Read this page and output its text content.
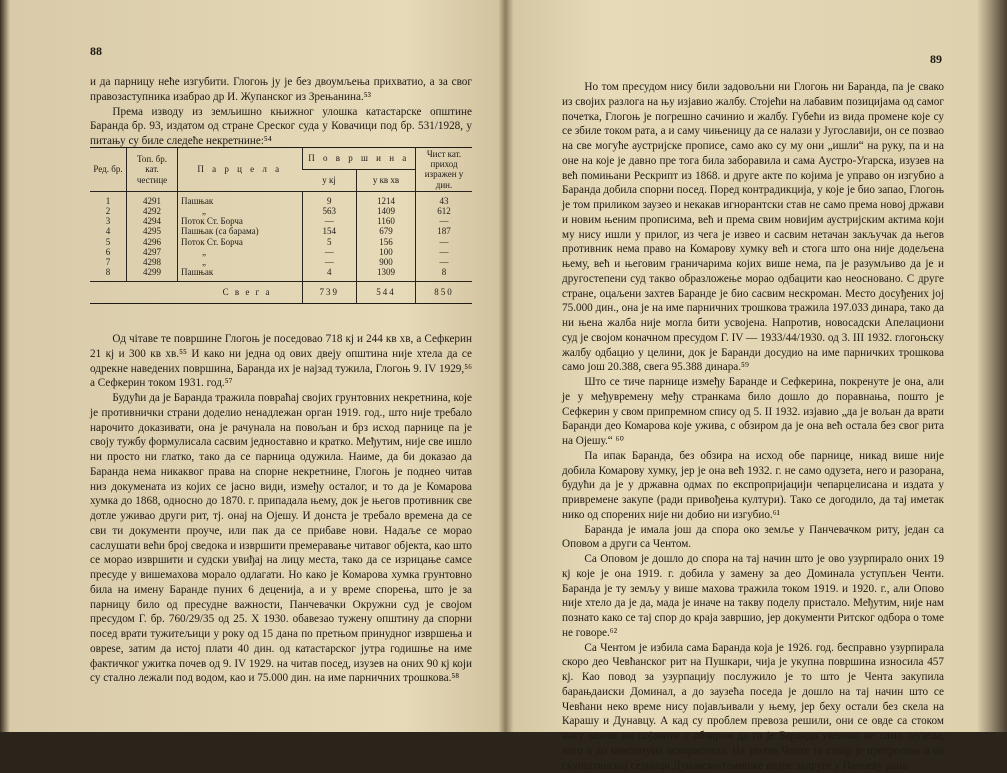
88

и да парницу неће изгубити. Глогоњ ју је без двоумљења прихватио, а за свог правозаступника изабрао др И. Жупанског из Зрењанина.⁵³

Према изводу из земљишно књижног улошка катастарске општине Баранда бр. 93, издатом од стране Среског суда у Ковачици под бр. 531/1928, у питању су биле следеће некретнине:⁵⁴

Ред. бр.	Топ. бр. кат. честице	П а р ц е л а	П о в р ш и н а		Чист кат. приход изражен у дин.
			у кј	у кв хв	
1	4291	Пашњак	9	1214	43
2	4292	„	563	1409	612
3	4294	Поток Ст. Борча	—	1160	—
4	4295	Пашњак (са барама)	154	679	187
5	4296	Поток Ст. Борча	5	156	—
6	4297	„	—	100	—
7	4298	„	—	900	—
8	4299	Пашњак	4	1309	8
С в е г а			739	544	850

Од чітаве те површине Глогоњ је поседовао 718 кј и 244 кв хв, а Сефкерин 21 кј и 300 кв хв.⁵⁵ И како ни једна од ових двеју општина није хтела да се одрекне наведених површина, Баранда их је најзад тужила, Глогоњ 9. IV 1929,⁵⁶ а Сефкерин током 1931. год.⁵⁷

Будући да је Баранда тражила повраћај својих грунтовних некретнина, које је противнички страни доделио ненадлежан орган 1919. год., што није требало нарочито доказивати, она је рачунала на повољан и брз исход парнице па је своју тужбу формулисала сасвим једноставно и кратко. Међутим, није све ишло ни просто ни глатко, тако да се парница одужила. Наиме, да би доказао да Баранда нема никаквог права на спорне некретнине, Глогоњ је поднео читав низ докумената из којих се јасно види, између осталог, и то да је Комарова хумка до 1868, односно до 1870. г. припадала њему, док је његов противник све дотле уживао други рит, тј. онај на Ојешу. И донста је требало времена да се сви ти документи проуче, или пак да се прибаве нови. Надаље се морао саслушати већи број сведока и извршити премеравање читавог објекта, као што се морао извршити и судски увиђај на лицу места, тако да се изрицање самсе пресуде у вишемахова морало одлагати. Но како је Комарова хумка грунтовно била на имену Баранде пуних 6 деценија, а и у време спорења, што је за парницу било од пресудне важности, Панчевачки Окружни суд је својом пресудом Г. бр. 760/29/35 од 25. X 1930. обавезао тужену општину да спорни посед врати тужитељици у року од 15 дана по претњом принудног извршења и овреѕе, затим да истој плати 40 дин. од катастарског јутра годишње на име фактичког ужитка почев од 9. IV 1929. на читав посед, изузев на оних 90 кј који су стално лежали под водом, као и 75.000 дин. на име парничних трошкова.⁵⁸

89

Но том пресудом нису били задовољни ни Глогоњ ни Баранда, па је свако из својих разлога на њу изјавио жалбу. Стојећи на лабавим позицијама од самог почетка, Глогоњ је погрешно сачинио и жалбу. Губећи из вида промене које су се збиле током рата, а и саму чињеницу да се налази у Југославији, он се позвао на све могуће аустријске прописе, само ако су му они „ишли“ на руку, па и на оне на које је давно пре тога била заборавила и сама Аустро-Угарска, изузев на већ помињани Рескрипт из 1868. и друге акте по којима је управо он изгубио а Баранда добила спорни посед. Поред контрадикција, у које је био запао, Глогоњ је том приликом заузео и некакав игнорантски став не само према новој држави и новим њеним прописима, већ и према свим новијим аустријским актима који му нису ишли у прилог, из чега је извео и сасвим нетачан закључак да његов противник нема право на Комарову хумку већ и стога што она није додељена њему, већ и његовим граничарима којих више нема, па је разумљиво да је и другостепени суд такво образложење морао одбацити као неосновано. С друге стране, оцаљени захтев Баранде је био сасвим нескроман. Место досуђених јој 75.000 дин., она је на име парничних трошкова тражила 197.033 динара, тако да ни њена жалба није могла бити усвојена. Напротив, новосадски Апелациони суд је својом коначном пресудом Г. IV — 1933/44/1930. од 3. III 1932. глогоњску жалбу одбацио у целини, док је Баранди досудио на име парничких трошкова само још 20.388, свега 95.388 динара.⁵⁹

Што се тиче парнице између Баранде и Сефкерина, покренуте је она, али је у међувремену међу странкама било дошло до поравнања, пошто је Сефкерин у свом припремном спису од 5. II 1932. изјавио „да је вољан да врати Баранди део Комарова које ужива, с обзиром да је она већ остала без свог рита на Ојешу.“ ⁶⁰

Па ипак Баранда, без обзира на исход обе парнице, никад више није добила Комарову хумку, јер је она већ 1932. г. не само одузета, него и разорана, будући да је у државна одмах по експропријацији чепарцелисана и издата у привремене закупе (ради привођења култури). Тако се догодило, да тај иметак нико од спорених није ни добио ни изгубио.⁶¹

Баранда је имала још да спора око земље у Панчевачком риту, један са Оповом а други са Чентом.

Са Оповом је дошло до спора на тај начин што је ово узурпирало оних 19 кј које је она 1919. г. добила у замену за део Доминала уступљен Ченти. Баранда је ту земљу у више махова тражила током 1919. и 1920. г., али Опово није хтело да је да, мада је иначе на такву поделу пристало. Међутим, није нам познато како се тај спор до краја завршио, јер документи Ритског одбора о томе не говоре.⁶²

Са Чентом је избила сама Баранда која је 1926. год. бесправно узурпирала скоро део Чевћанског рит на Пушкари, чија је укупна површина износила 457 кј. Као повод за узурпацију послужило је то што је Чента закупила барањдаиски Доминал, а до заузећа поседа је дошло на тај начин што се Чевћани неко време нису појављивали у њему, јер беху остали без скела на Карашу и Дунавцу. А кад су проблем превоза решили, они се овде са стоком нису могли ни појавити с обзиром да га је Баранда увелико не само заузела, него и до максимума искористила. На захтев Ченте та ствар је претресена и на скупштинској седници Дунавско-тамишке водне задруге у Панчеву дана
